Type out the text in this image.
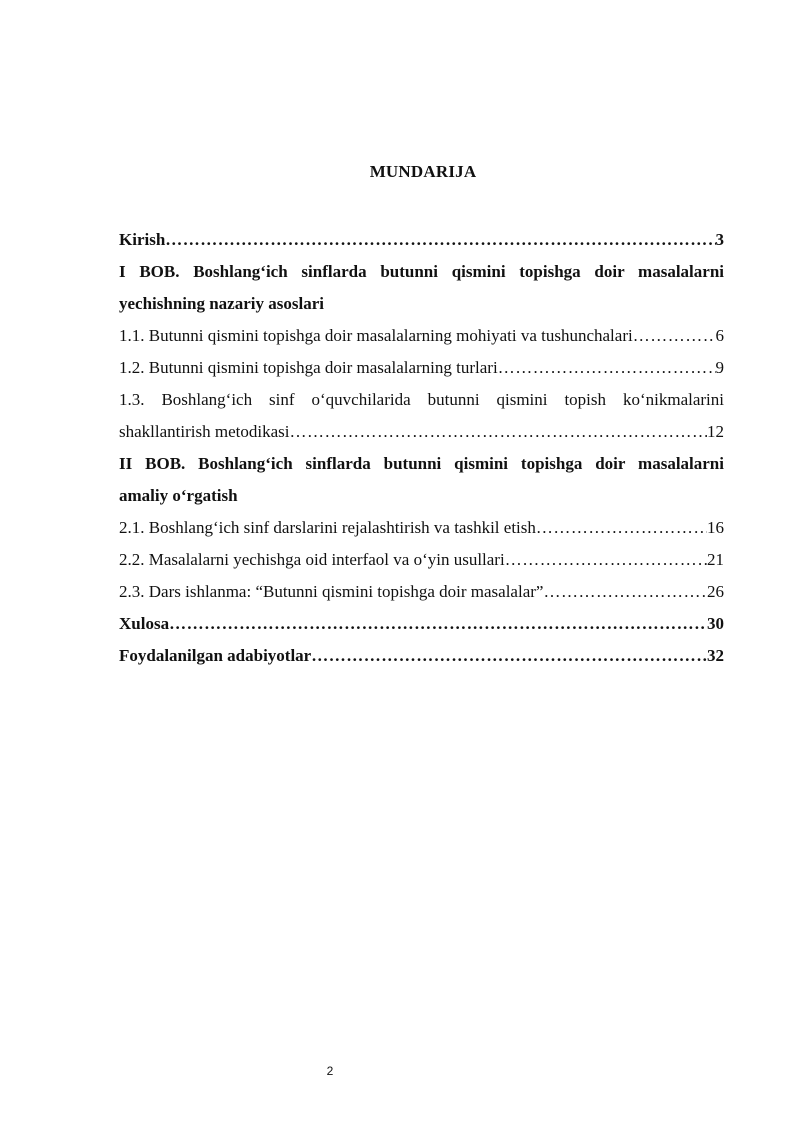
MUNDARIJA
Kirish ……………………………………………………………………………………………………………………………………………………………………………	3
I BOB. Boshlang‘ich sinflarda butunni qismini topishga doir masalalarni
yechishning nazariy asoslari
1.1. Butunni qismini topishga doir masalalarning mohiyati va tushunchalari ……………………………………………………………………………………………………………………………………………………………………………	6
1.2. Butunni qismini topishga doir masalalarning turlari ……………………………………………………………………………………………………………………………………………………………………………	9
1.3. Boshlang‘ich sinf o‘quvchilarida butunni qismini topish ko‘nikmalarini
shakllantirish metodikasi ……………………………………………………………………………………………………………………………………………………………………………	12
II BOB. Boshlang‘ich sinflarda butunni qismini topishga doir masalalarni
amaliy o‘rgatish
2.1. Boshlang‘ich sinf darslarini rejalashtirish va tashkil etish ……………………………………………………………………………………………………………………………………………………………………………	16
2.2. Masalalarni yechishga oid interfaol va o‘yin usullari ……………………………………………………………………………………………………………………………………………………………………………	21
2.3. Dars ishlanma: “Butunni qismini topishga doir masalalar” ……………………………………………………………………………………………………………………………………………………………………………	26
Xulosa ……………………………………………………………………………………………………………………………………………………………………………	30
Foydalanilgan adabiyotlar ……………………………………………………………………………………………………………………………………………………………………………	32
2
